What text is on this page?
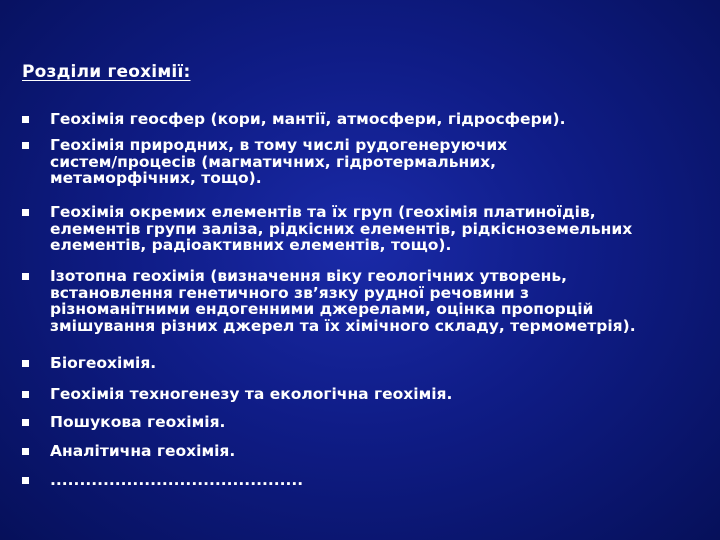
Розділи геохімії:
Геохімія геосфер (кори, мантії, атмосфери, гідросфери).
Геохімія природних, в тому числі рудогенеруючих
систем/процесів (магматичних, гідротермальних,
метаморфічних, тощо).
Геохімія окремих елементів та їх груп (геохімія платиноїдів,
елементів групи заліза, рідкісних елементів, рідкісноземельних
елементів, радіоактивних елементів, тощо).
Ізотопна геохімія (визначення віку геологічних утворень,
встановлення генетичного зв’язку рудної речовини з
різноманітними ендогенними джерелами, оцінка пропорцій
змішування різних джерел та їх хімічного складу, термометрія).
Біогеохімія.
Геохімія техногенезу та екологічна геохімія.
Пошукова геохімія.
Аналітична геохімія.
...........................................
